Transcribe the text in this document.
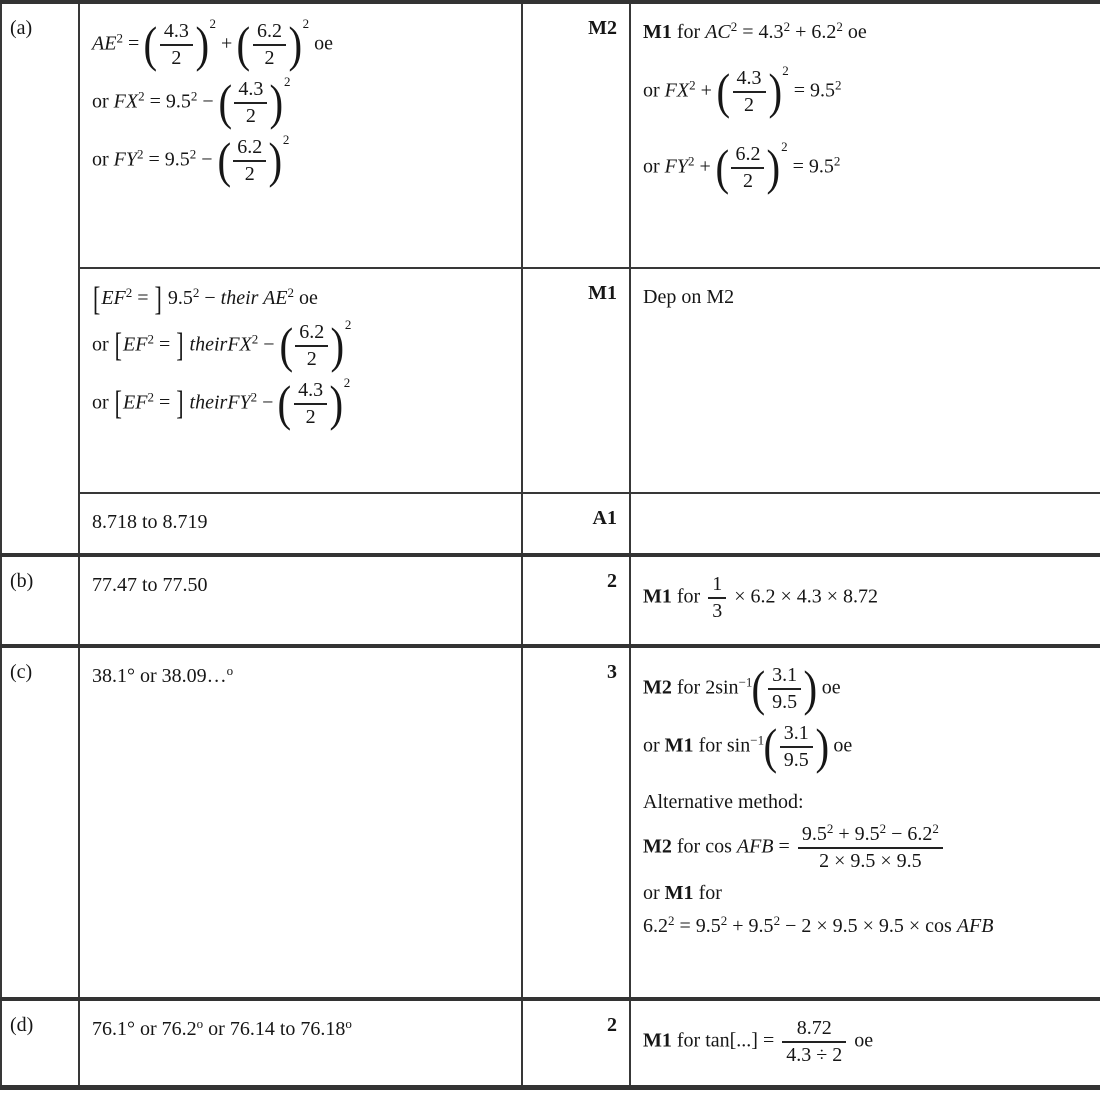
(a)	
$AE^2$ = ( $\frac{4.3}{2}$ ) 2
+ ( $\frac{6.2}{2}$ ) 2
oe
or $FX^2 = 9.5^2$ − ( $\frac{4.3}{2}$ ) 2
or $FY^2 = 9.5^2$ − ( $\frac{6.2}{2}$ ) 2
	M2	M1 for $AC^2 = 4.3^2 + 6.2^2$ oe
or $FX^2$ + ( $\frac{4.3}{2}$ ) 2
= $9.5^2$
or $FY^2$ + ( $\frac{6.2}{2}$ ) 2
= $9.5^2$

[$EF^2$ = ] $9.5^2$ − their $AE^2$ oe
or [$EF^2$ = ] theirFX$^2$ − ( $\frac{6.2}{2}$ ) 2
or [$EF^2$ = ] theirFY$^2$ − ( $\frac{4.3}{2}$ ) 2
	M1	Dep on M2

	8.718 to 8.719	A1	

(b)	77.47 to 77.50	2	M1 for $\frac{1}{3} \times 6.2 \times 4.3 \times 8.72$

(c)	38.1° or 38.09…$^o$	3	
M2 for $2\sin^{-1}$ ( $\frac{3.1}{9.5}$ ) oe
or M1 for $\sin^{-1}$ ( $\frac{3.1}{9.5}$ ) oe
Alternative method:
M2 for cos AFB = $\frac{9.5^2 + 9.5^2 - 6.2^2}{2 \times 9.5 \times 9.5}$
or M1 for
$6.2^2 = 9.5^2 + 9.5^2 - 2 \times 9.5 \times 9.5 \times \cos$ AFB

(d)	76.1° or 76.2$^o$ or 76.14 to 76.18$^o$	2	M1 for $\tan[...] = \frac{8.72}{4.3 \div 2}$ oe
